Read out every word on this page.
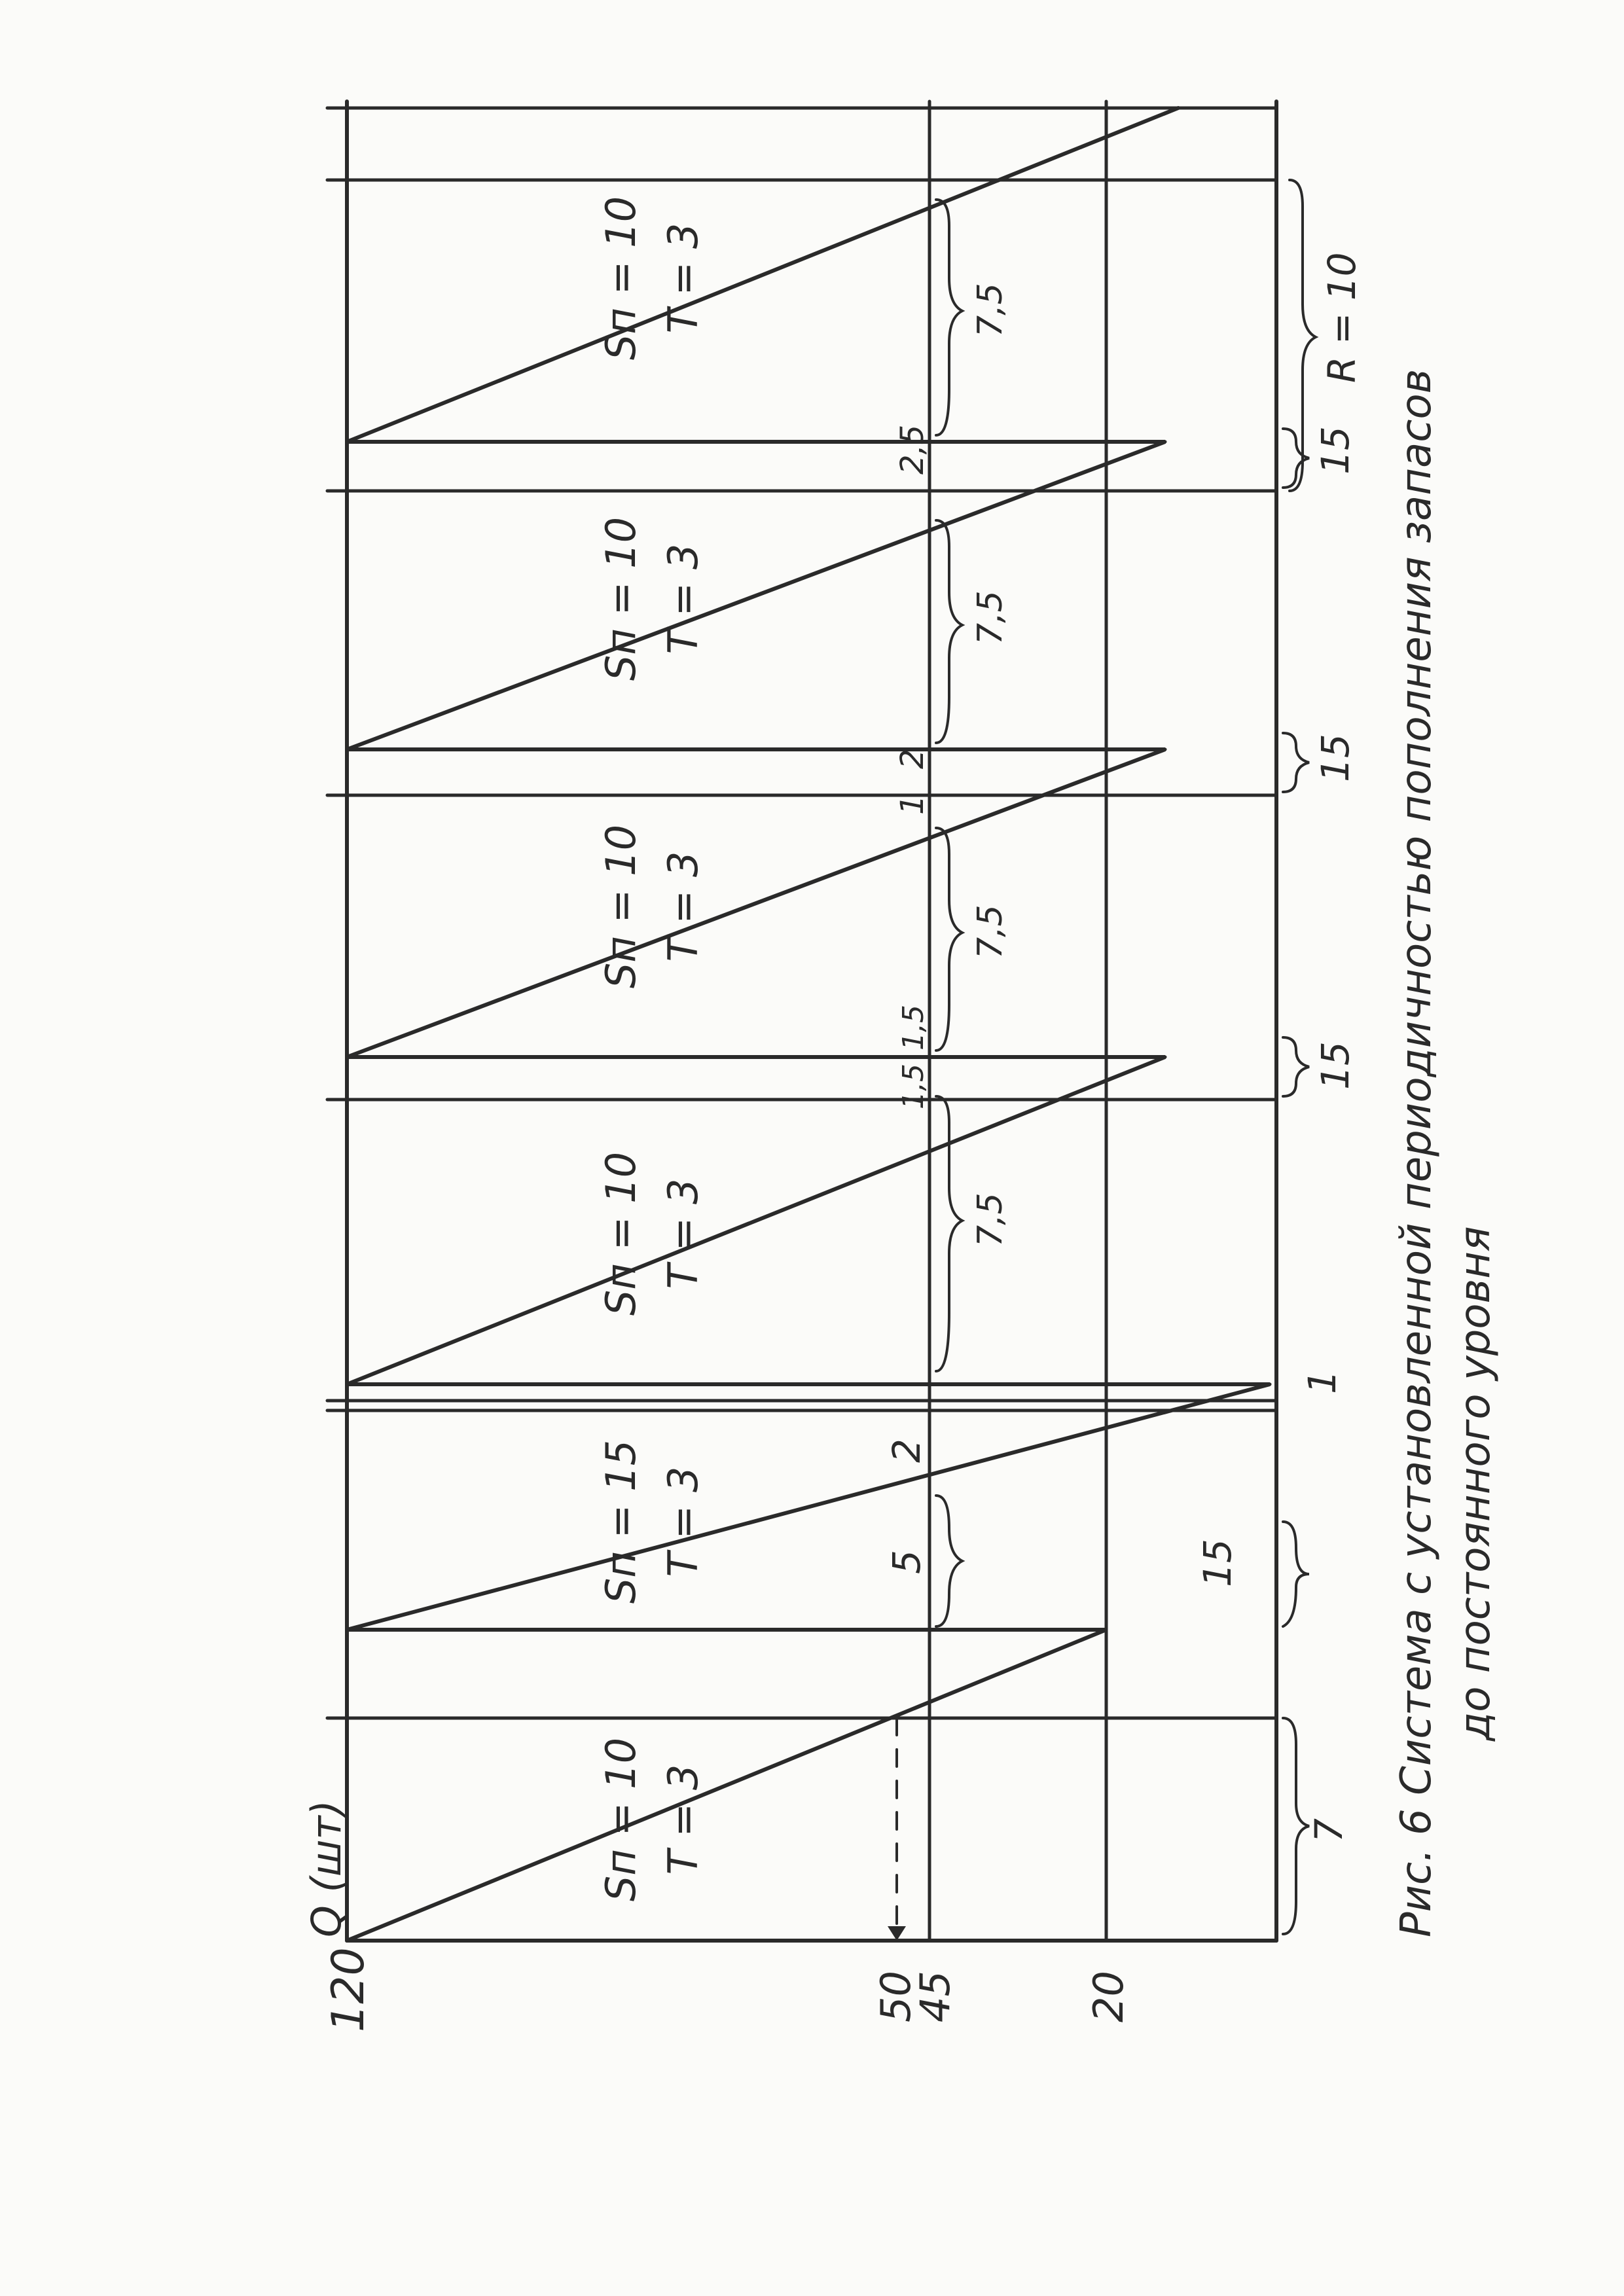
Sп = 10 T = 3
Sп = 15 T = 3
Sп = 10 T = 3
Sп = 10 T = 3
Sп = 10 T = 3
Sп = 10 T = 3
7
5
2
1
15
7,5
1,5
1,5
15
7,5
1
2	15
7,5
2,5	15
7,5	R = 10
120	50
45	20
Q (шт)	Рис. 6 Система с установленной периодичностью пополнения запасов до постоянного уровня
